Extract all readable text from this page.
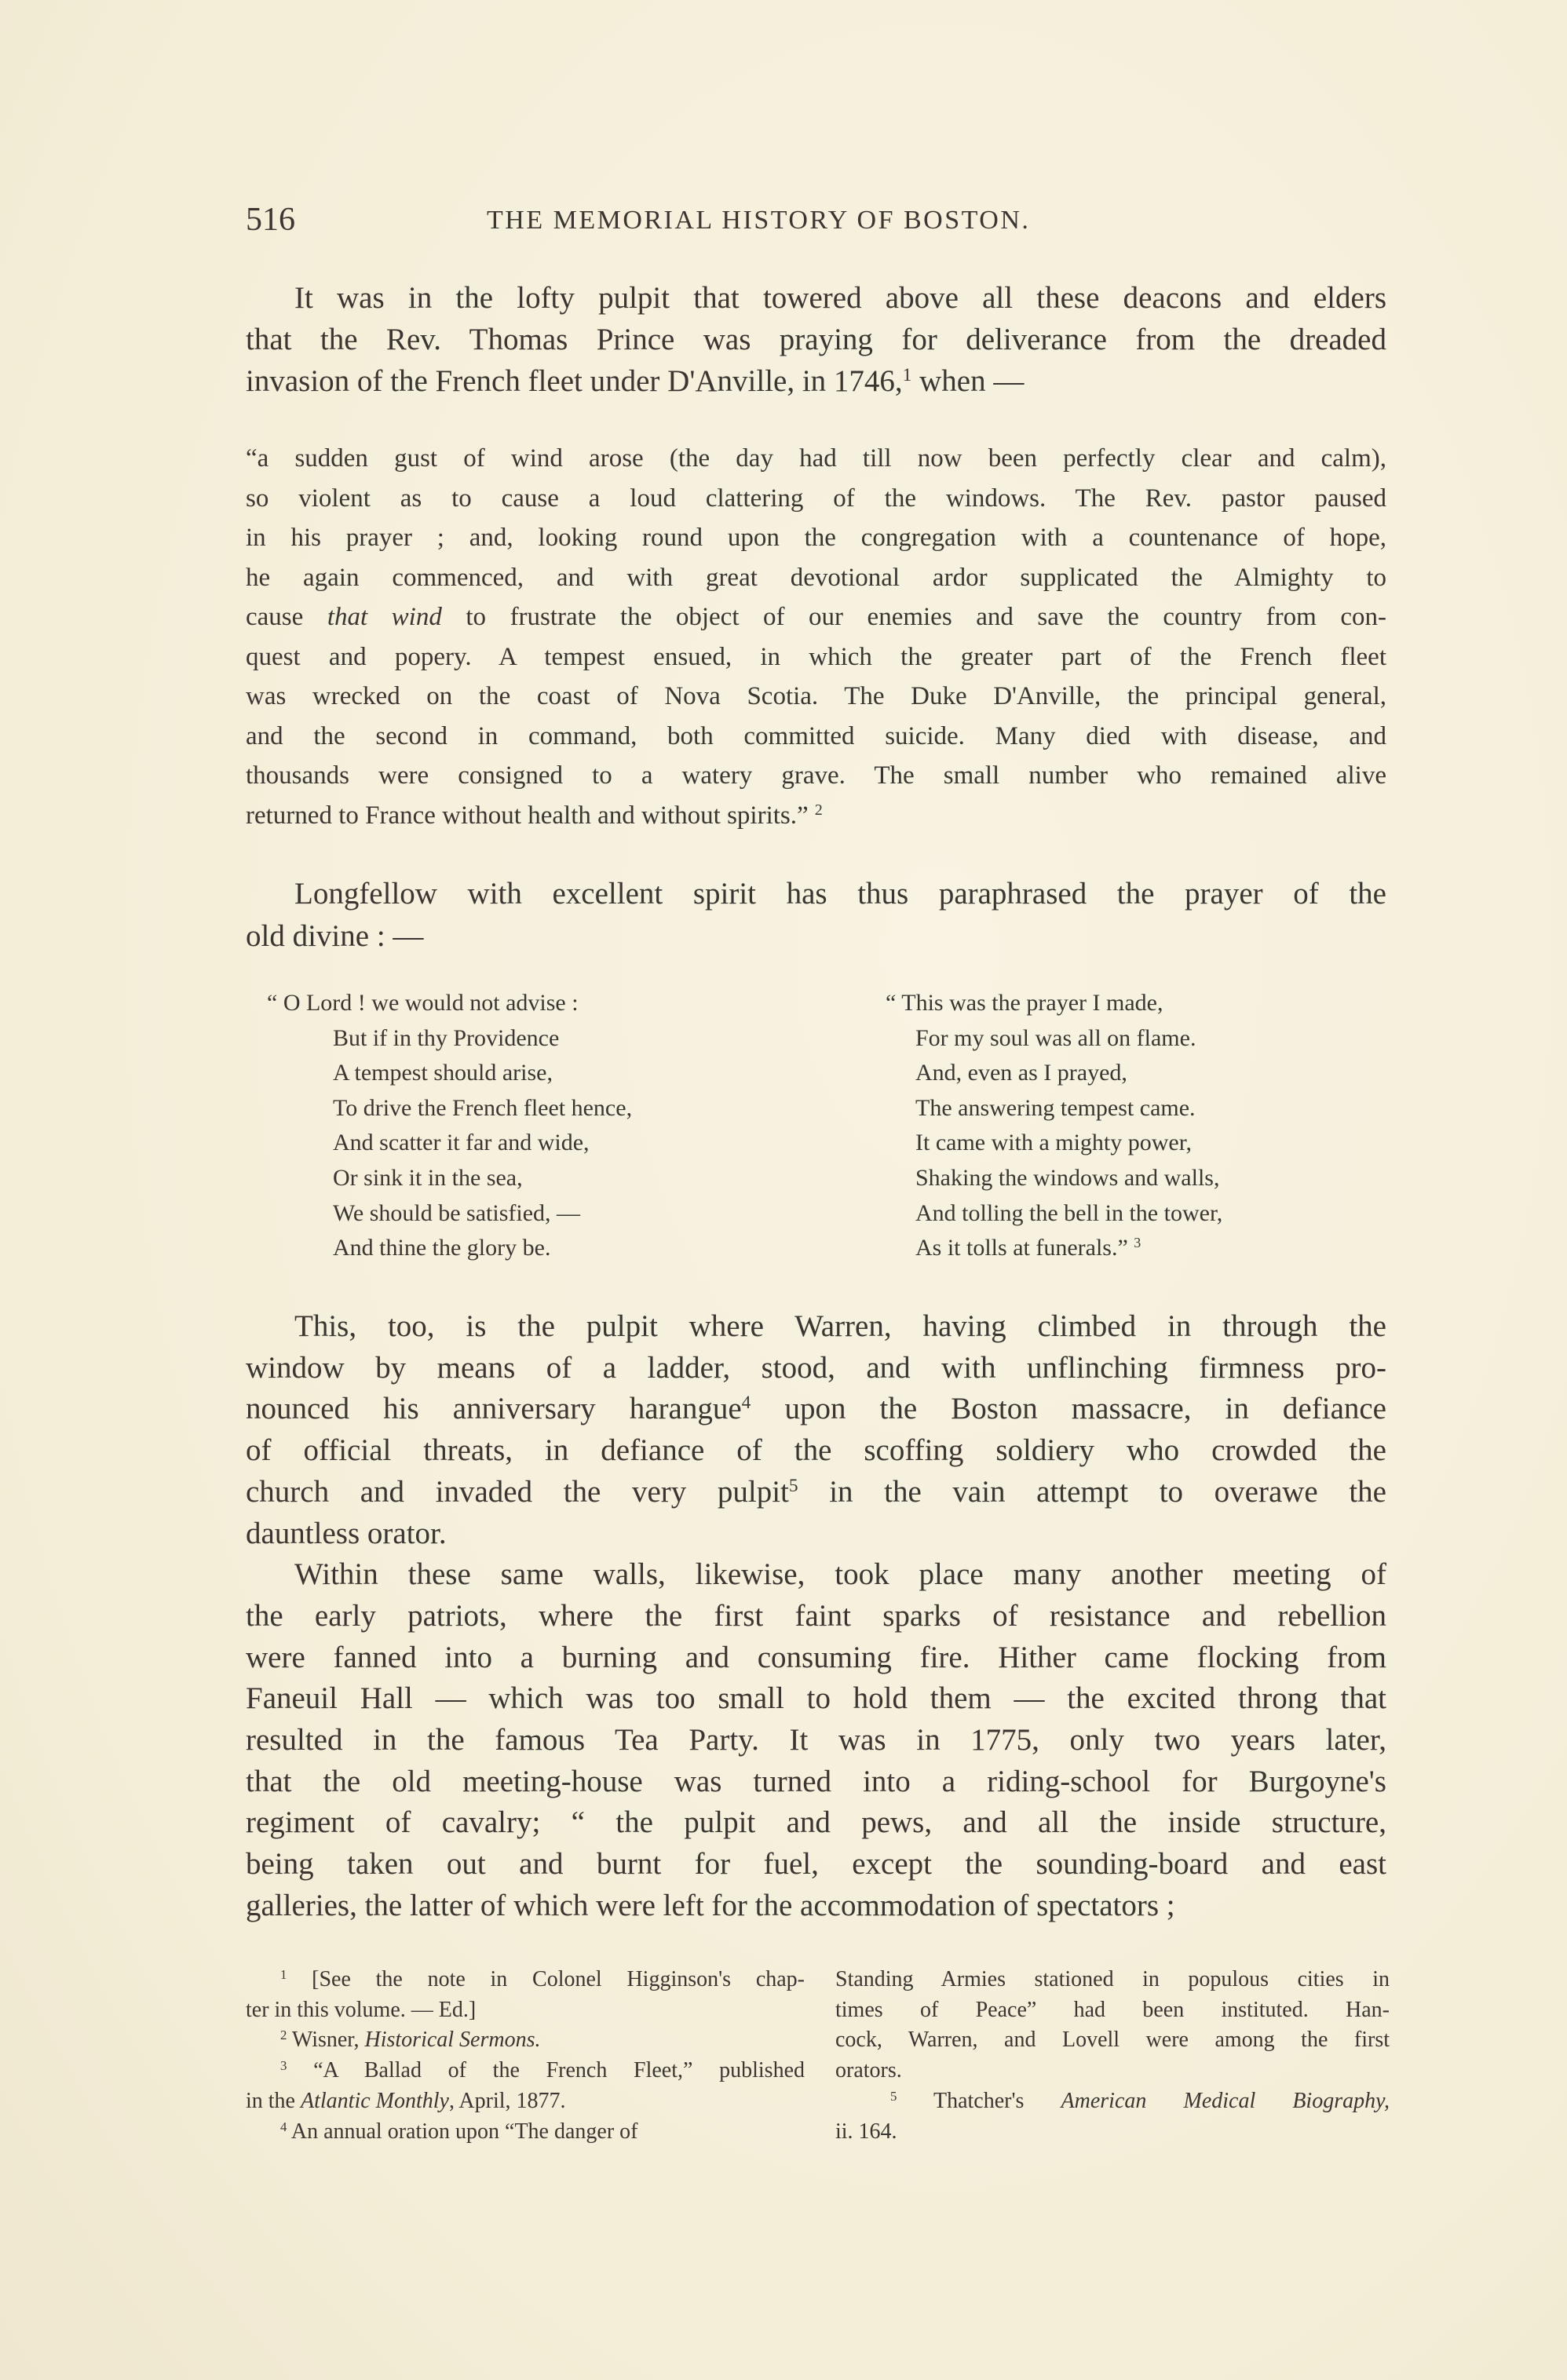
516	THE MEMORIAL HISTORY OF BOSTON.
It was in the lofty pulpit that towered above all these deacons and elders
that the Rev. Thomas Prince was praying for deliverance from the dreaded
invasion of the French fleet under D'Anville, in 1746,$^1$ when —
“a sudden gust of wind arose (the day had till now been perfectly clear and calm),
so violent as to cause a loud clattering of the windows. The Rev. pastor paused
in his prayer ; and, looking round upon the congregation with a countenance of hope,
he again commenced, and with great devotional ardor supplicated the Almighty to
cause that wind to frustrate the object of our enemies and save the country from con-
quest and popery. A tempest ensued, in which the greater part of the French fleet
was wrecked on the coast of Nova Scotia. The Duke D'Anville, the principal general,
and the second in command, both committed suicide. Many died with disease, and
thousands were consigned to a watery grave. The small number who remained alive
returned to France without health and without spirits.” $^2$
Longfellow with excellent spirit has thus paraphrased the prayer of the
old divine : —
“ O Lord ! we would not advise :
But if in thy Providence
A tempest should arise,
To drive the French fleet hence,
And scatter it far and wide,
Or sink it in the sea,
We should be satisfied, —
And thine the glory be.
“ This was the prayer I made,
For my soul was all on flame.
And, even as I prayed,
The answering tempest came.
It came with a mighty power,
Shaking the windows and walls,
And tolling the bell in the tower,
As it tolls at funerals.” $^3$
This, too, is the pulpit where Warren, having climbed in through the
window by means of a ladder, stood, and with unflinching firmness pro-
nounced his anniversary harangue$^4$ upon the Boston massacre, in defiance
of official threats, in defiance of the scoffing soldiery who crowded the
church and invaded the very pulpit$^5$ in the vain attempt to overawe the
dauntless orator.
Within these same walls, likewise, took place many another meeting of
the early patriots, where the first faint sparks of resistance and rebellion
were fanned into a burning and consuming fire. Hither came flocking from
Faneuil Hall — which was too small to hold them — the excited throng that
resulted in the famous Tea Party. It was in 1775, only two years later,
that the old meeting-house was turned into a riding-school for Burgoyne's
regiment of cavalry; “ the pulpit and pews, and all the inside structure,
being taken out and burnt for fuel, except the sounding-board and east
galleries, the latter of which were left for the accommodation of spectators ;
$^1$ [See the note in Colonel Higginson's chap-
ter in this volume. — Ed.]
$^2$ Wisner, Historical Sermons.
$^3$ “A Ballad of the French Fleet,” published
in the Atlantic Monthly, April, 1877.
$^4$ An annual oration upon “The danger of
Standing Armies stationed in populous cities in
times of Peace” had been instituted. Han-
cock, Warren, and Lovell were among the first
orators.
$^5$ Thatcher's American Medical Biography,
ii. 164.
